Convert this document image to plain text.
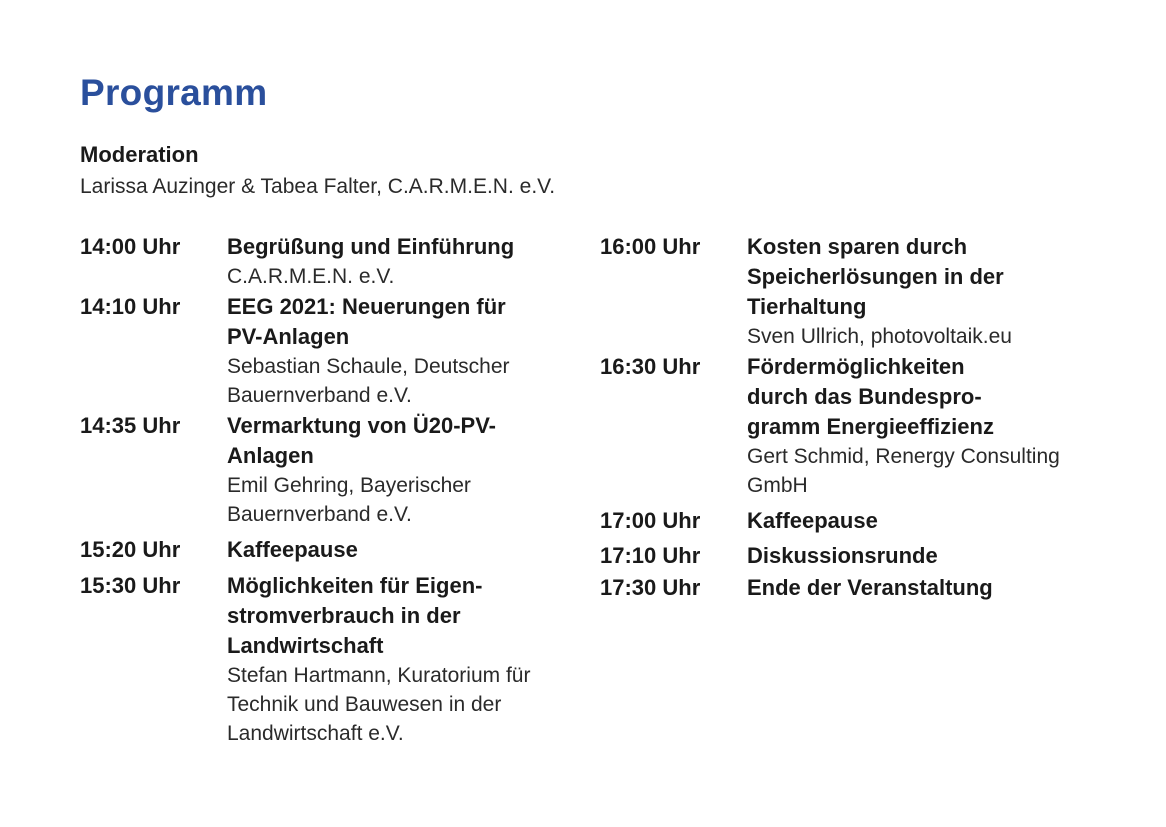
Programm
Moderation
Larissa Auzinger & Tabea Falter, C.A.R.M.E.N. e.V.
14:00 Uhr	Begrüßung und Einführung
C.A.R.M.E.N. e.V.
14:10 Uhr	EEG 2021: Neuerungen für
PV-Anlagen
Sebastian Schaule, Deutscher
Bauernverband e.V.
14:35 Uhr	Vermarktung von Ü20-PV-
Anlagen
Emil Gehring, Bayerischer
Bauernverband e.V.
15:20 Uhr	Kaffeepause
15:30 Uhr	Möglichkeiten für Eigen-
stromverbrauch in der
Landwirtschaft
Stefan Hartmann, Kuratorium für
Technik und Bauwesen in der
Landwirtschaft e.V.
16:00 Uhr	Kosten sparen durch
Speicherlösungen in der
Tierhaltung
Sven Ullrich, photovoltaik.eu
16:30 Uhr	Fördermöglichkeiten
durch das Bundespro-
gramm Energieeffizienz
Gert Schmid, Renergy Consulting
GmbH
17:00 Uhr	Kaffeepause
17:10 Uhr	Diskussionsrunde
17:30 Uhr	Ende der Veranstaltung
